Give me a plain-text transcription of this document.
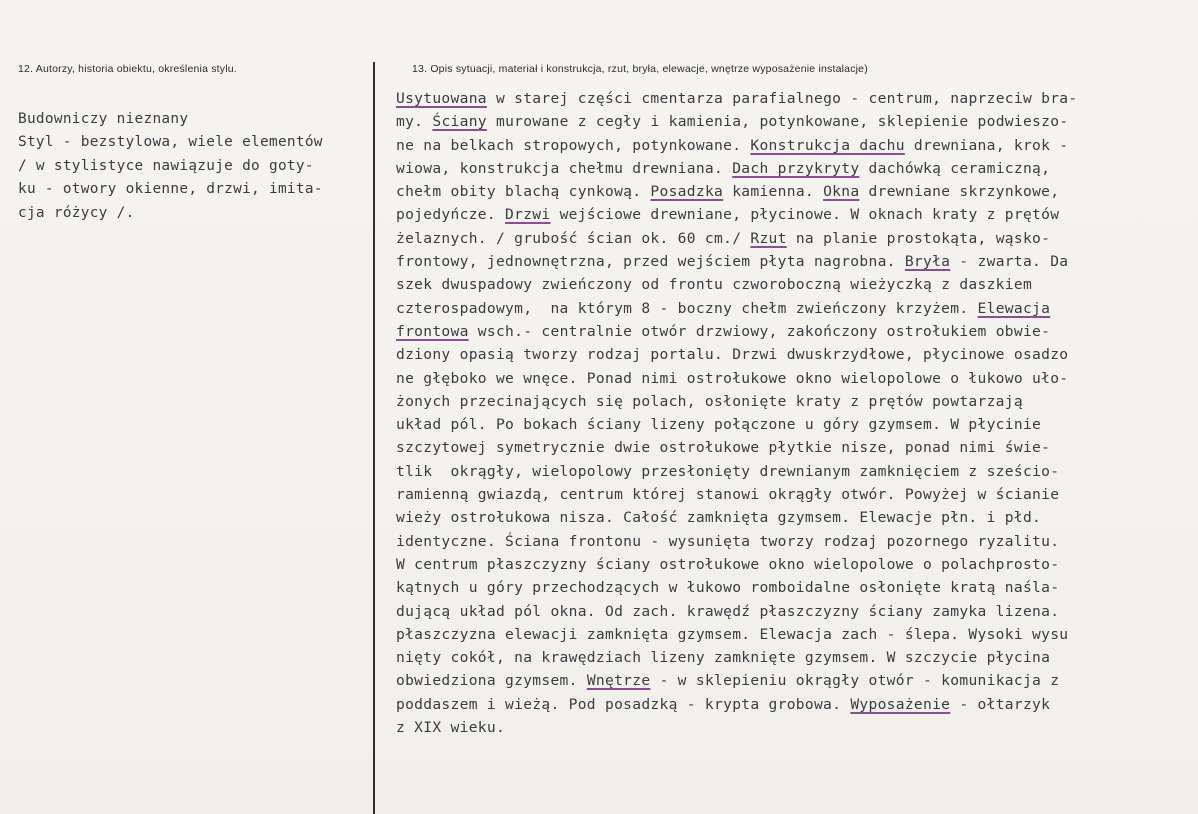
12. Autorzy, historia obiektu, określenia stylu.	13. Opis sytuacji, materiał i konstrukcja, rzut, bryła, elewacje, wnętrze wyposażenie instalacje)
Budowniczy nieznany
Styl - bezstylowa, wiele elementów
/ w stylistyce nawiązuje do goty-
ku - otwory okienne, drzwi, imita-
cja różycy /.
Usytuowana w starej części cmentarza parafialnego - centrum, naprzeciw bra-
my. Ściany murowane z cegły i kamienia, potynkowane, sklepienie podwieszo-
ne na belkach stropowych, potynkowane. Konstrukcja dachu drewniana, krok -
wiowa, konstrukcja chełmu drewniana. Dach przykryty dachówką ceramiczną,
chełm obity blachą cynkową. Posadzka kamienna. Okna drewniane skrzynkowe,
pojedyńcze. Drzwi wejściowe drewniane, płycinowe. W oknach kraty z prętów
żelaznych. / grubość ścian ok. 60 cm./ Rzut na planie prostokąta, wąsko-
frontowy, jednownętrzna, przed wejściem płyta nagrobna. Bryła - zwarta. Da
szek dwuspadowy zwieńczony od frontu czworoboczną wieżyczką z daszkiem
czterospadowym,  na którym 8 - boczny chełm zwieńczony krzyżem. Elewacja
frontowa wsch.- centralnie otwór drzwiowy, zakończony ostrołukiem obwie-
dziony opasią tworzy rodzaj portalu. Drzwi dwuskrzydłowe, płycinowe osadzo
ne głęboko we wnęce. Ponad nimi ostrołukowe okno wielopolowe o łukowo uło-
żonych przecinających się polach, osłonięte kraty z prętów powtarzają
układ pól. Po bokach ściany lizeny połączone u góry gzymsem. W płycinie
szczytowej symetrycznie dwie ostrołukowe płytkie nisze, ponad nimi świe-
tlik  okrągły, wielopolowy przesłonięty drewnianym zamknięciem z sześcio-
ramienną gwiazdą, centrum której stanowi okrągły otwór. Powyżej w ścianie
wieży ostrołukowa nisza. Całość zamknięta gzymsem. Elewacje płn. i płd.
identyczne. Ściana frontonu - wysunięta tworzy rodzaj pozornego ryzalitu.
W centrum płaszczyzny ściany ostrołukowe okno wielopolowe o polachprosto-
kątnych u góry przechodzących w łukowo romboidalne osłonięte kratą naśla-
dującą układ pól okna. Od zach. krawędź płaszczyzny ściany zamyka lizena.
płaszczyzna elewacji zamknięta gzymsem. Elewacja zach - ślepa. Wysoki wysu
nięty cokół, na krawędziach lizeny zamknięte gzymsem. W szczycie płycina
obwiedziona gzymsem. Wnętrze - w sklepieniu okrągły otwór - komunikacja z
poddaszem i wieżą. Pod posadzką - krypta grobowa. Wyposażenie - ołtarzyk
z XIX wieku.
